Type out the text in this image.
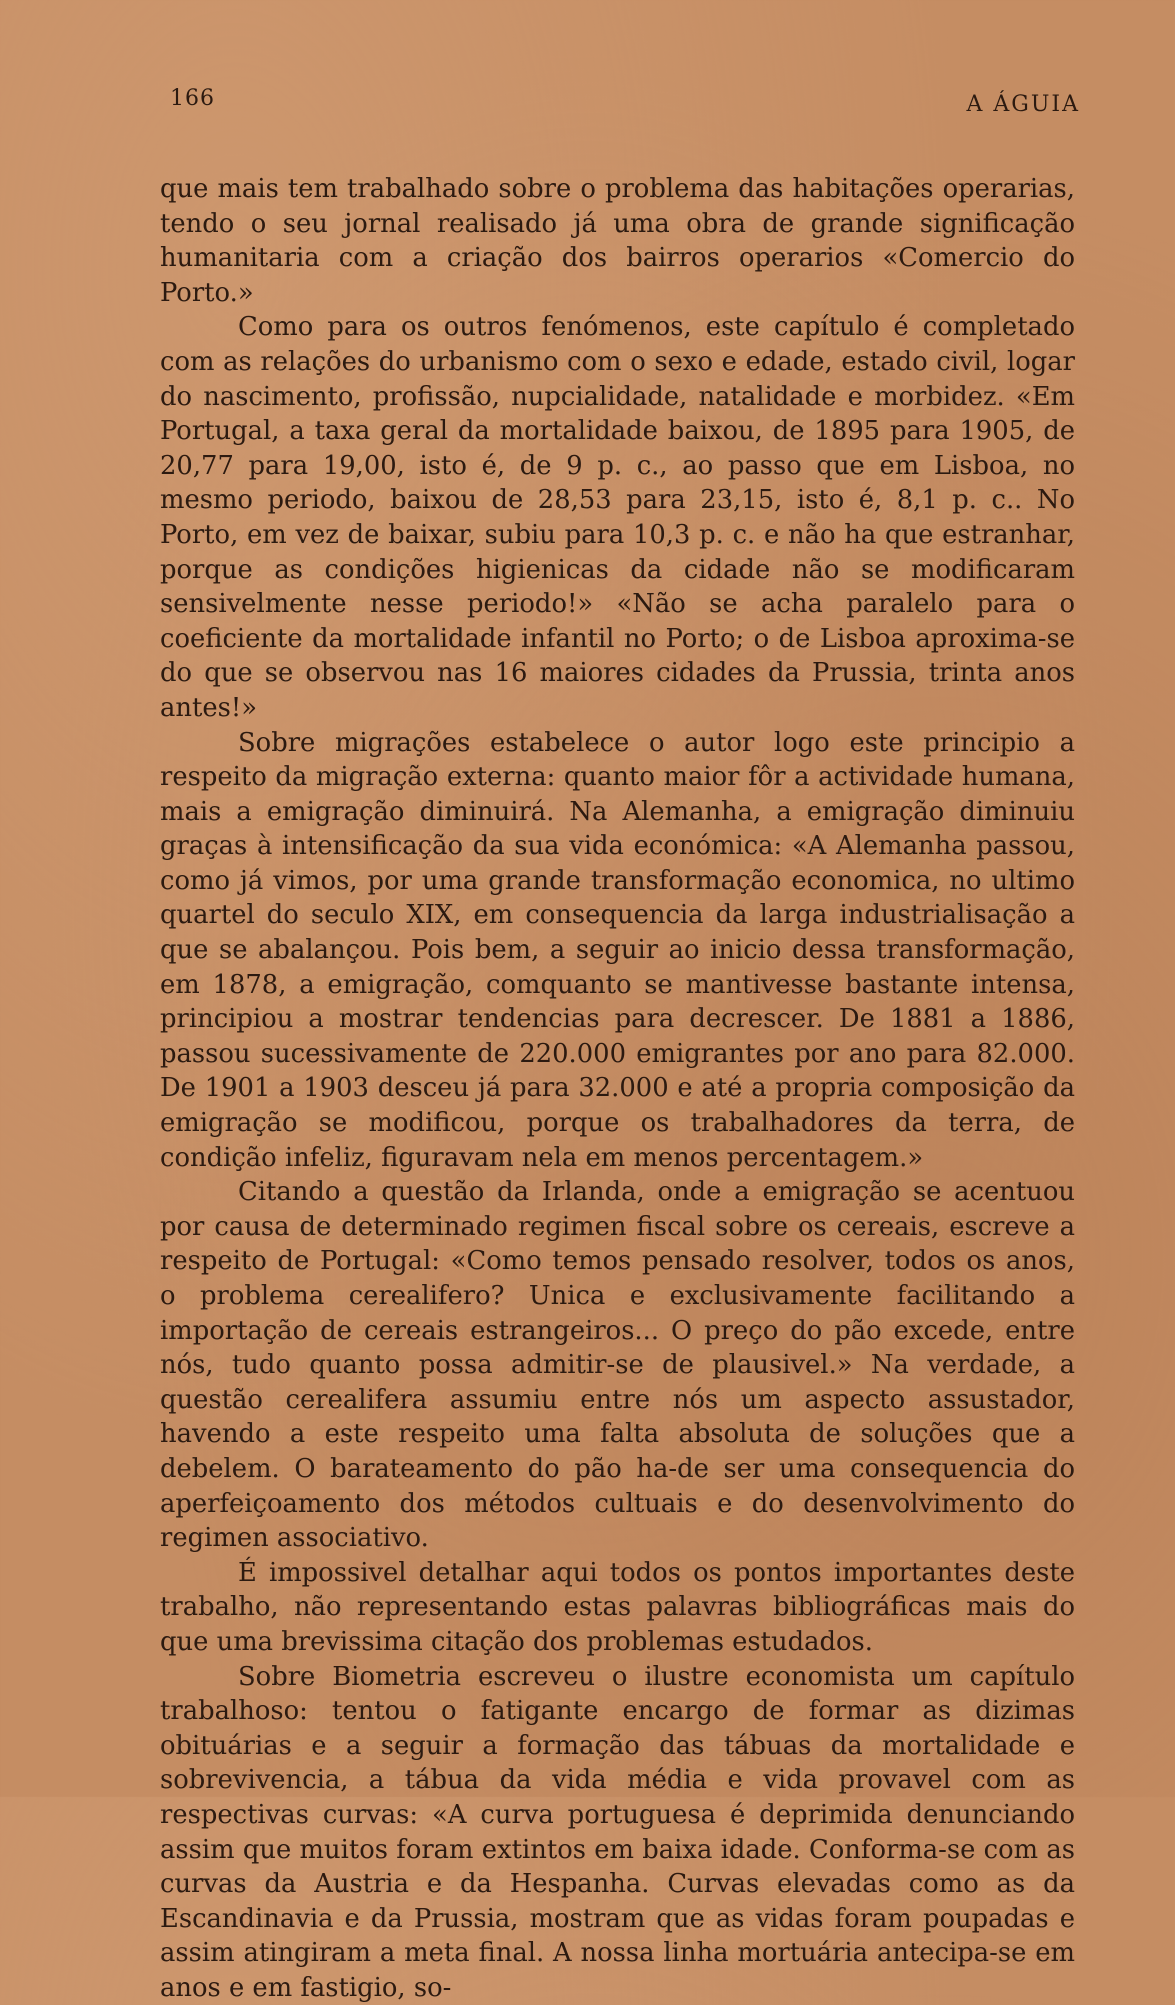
166	A ÁGUIA

que mais tem trabalhado sobre o problema das habitações operarias, tendo o seu jornal realisado já uma obra de grande significação humanitaria com a criação dos bairros operarios «Comercio do Porto.»

Como para os outros fenómenos, este capítulo é completado com as relações do urbanismo com o sexo e edade, estado civil, logar do nascimento, profissão, nupcialidade, natalidade e morbidez. «Em Portugal, a taxa geral da mortalidade baixou, de 1895 para 1905, de 20,77 para 19,00, isto é, de 9 p. c., ao passo que em Lisboa, no mesmo periodo, baixou de 28,53 para 23,15, isto é, 8,1 p. c.. No Porto, em vez de baixar, subiu para 10,3 p. c. e não ha que estranhar, porque as condições higienicas da cidade não se modificaram sensivelmente nesse periodo!» «Não se acha paralelo para o coeficiente da mortalidade infantil no Porto; o de Lisboa aproxima-se do que se observou nas 16 maiores cidades da Prussia, trinta anos antes!»

Sobre migrações estabelece o autor logo este principio a respeito da migração externa: quanto maior fôr a actividade humana, mais a emigração diminuirá. Na Alemanha, a emigração diminuiu graças à intensificação da sua vida económica: «A Alemanha passou, como já vimos, por uma grande transformação economica, no ultimo quartel do seculo XIX, em consequencia da larga industrialisação a que se abalançou. Pois bem, a seguir ao inicio dessa transformação, em 1878, a emigração, comquanto se mantivesse bastante intensa, principiou a mostrar tendencias para decrescer. De 1881 a 1886, passou sucessivamente de 220.000 emigrantes por ano para 82.000. De 1901 a 1903 desceu já para 32.000 e até a propria composição da emigração se modificou, porque os trabalhadores da terra, de condição infeliz, figuravam nela em menos percentagem.»

Citando a questão da Irlanda, onde a emigração se acentuou por causa de determinado regimen fiscal sobre os cereais, escreve a respeito de Portugal: «Como temos pensado resolver, todos os anos, o problema cerealifero? Unica e exclusivamente facilitando a importação de cereais estrangeiros... O preço do pão excede, entre nós, tudo quanto possa admitir-se de plausivel.» Na verdade, a questão cerealifera assumiu entre nós um aspecto assustador, havendo a este respeito uma falta absoluta de soluções que a debelem. O barateamento do pão ha-de ser uma consequencia do aperfeiçoamento dos métodos cultuais e do desenvolvimento do regimen associativo.

É impossivel detalhar aqui todos os pontos importantes deste trabalho, não representando estas palavras bibliográficas mais do que uma brevissima citação dos problemas estudados.

Sobre Biometria escreveu o ilustre economista um capítulo trabalhoso: tentou o fatigante encargo de formar as dizimas obituárias e a seguir a formação das tábuas da mortalidade e sobrevivencia, a tábua da vida média e vida provavel com as respectivas curvas: «A curva portuguesa é deprimida denunciando assim que muitos foram extintos em baixa idade. Conforma-se com as curvas da Austria e da Hespanha. Curvas elevadas como as da Escandinavia e da Prussia, mostram que as vidas foram poupadas e assim atingiram a meta final. A nossa linha mortuária antecipa-se em anos e em fastigio, so-
